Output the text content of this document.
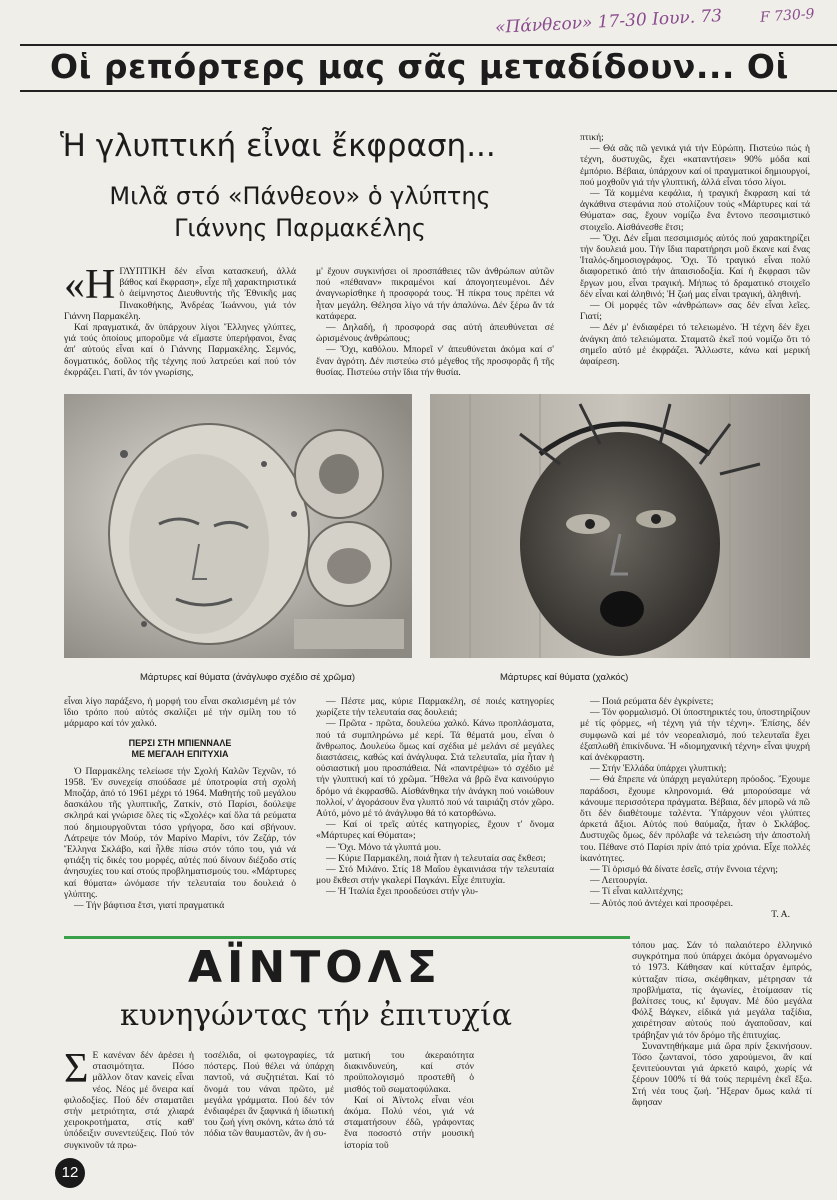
«Πάνθεον» 17-30 Ιουν. 73	F 730-9
Οἱ ρεπόρτερς μας σᾶς μεταδίδουν... Οἱ
Ἡ γλυπτική εἶναι ἔκφραση...
Μιλᾶ στό «Πάνθεον» ὁ γλύπτης
Γιάννης Παρμακέλης
«Η ΓΛΥΠΤΙΚΗ δέν εἶναι κατασκευή, ἀλλά βάθος καί ἔκφραση», εἶχε πῆ χαρακτηριστικά ὁ ἀείμνηστος Διευθυντής τῆς Ἐθνικῆς μας Πινακοθήκης, Ἀνδρέας Ἰωάννου, γιά τόν Γιάννη Παρμακέλη.

Καί πραγματικά, ἄν ὑπάρχουν λίγοι Ἕλληνες γλύπτες, γιά τούς ὁποίους μποροῦμε νά εἴμαστε ὑπερήφανοι, ἕνας ἀπ' αὐτούς εἶναι καί ὁ Γιάννης Παρμακέλης. Σεμνός, δογματικός, δοῦλος τῆς τέχνης πού λατρεύει καί πού τόν ἐκφράζει. Γιατί, ἄν τόν γνωρίσης,

μ' ἔχουν συγκινήσει οἱ προσπάθειες τῶν ἀνθρώπων αὐτῶν πού «πέθαναν» πικραμένοι καί ἀπογοητευμένοι. Δέν ἀναγνωρίσθηκε ἡ προσφορά τους. Ἡ πίκρα τους πρέπει νά ἦταν μεγάλη. Θέλησα λίγο νά τήν ἀπαλύνω. Δέν ξέρω ἄν τά κατάφερα.

— Δηλαδή, ἡ προσφορά σας αὐτή ἀπευθύνεται σέ ὡρισμένους ἀνθρώπους;

— Ὄχι, καθόλου. Μπορεῖ ν' ἀπευθύνεται ἀκόμα καί σ' ἕναν ἀγρότη. Δέν πιστεύω στό μέγεθος τῆς προσφορᾶς ἢ τῆς θυσίας. Πιστεύω στήν ἴδια τήν θυσία.

πτική;

— Θά σᾶς πῶ γενικά γιά τήν Εὐρώπη. Πιστεύω πώς ἡ τέχνη, δυστυχῶς, ἔχει «καταντήσει» 90% μόδα καί ἐμπόριο. Βέβαια, ὑπάρχουν καί οἱ πραγματικοί δημιουργοί, πού μοχθοῦν γιά τήν γλυπτική, ἀλλά εἶναι τόσο λίγοι.

— Τά κομμένα κεφάλια, ἡ τραγική ἔκφραση καί τά ἀγκάθινα στεφάνια πού στολίζουν τούς «Μάρτυρες καί τά Θύματα» σας, ἔχουν νομίζω ἕνα ἔντονο πεσσιμιστικό στοιχεῖο. Αἰσθάνεσθε ἔτσι;

— Ὄχι. Δέν εἶμαι πεσσιμισμός αὐτός πού χαρακτηρίζει τήν δουλειά μου. Τήν ἴδια παρατήρησι μοῦ ἔκανε καί ἕνας Ἰταλός-δημοσιογράφος. Ὄχι. Τό τραγικό εἶναι πολύ διαφορετικό ἀπό τήν ἀπαισιοδοξία. Καί ἡ ἔκφρασι τῶν ἔργων μου, εἶναι τραγική. Μήπως τό δραματικό στοιχεῖο δέν εἶναι καί ἀληθινό; Ἡ ζωή μας εἶναι τραγική, ἀληθινή.

— Οἱ μορφές τῶν «ἀνθρώπων» σας δέν εἶναι λεῖες. Γιατί;

— Δέν μ' ἐνδιαφέρει τό τελειωμένο. Ἡ τέχνη δέν ἔχει ἀνάγκη ἀπό τελειώματα. Σταματῶ ἐκεῖ πού νομίζω ὅτι τό σημεῖο αὐτό μέ ἐκφράζει. Ἄλλωστε, κάνω καί μερική ἀφαίρεση.

Μάρτυρες καί θύματα (ἀνάγλυφο σχέδιο σέ χρῶμα)	Μάρτυρες καί θύματα (χαλκός)

εἶναι λίγο παράξενο, ἡ μορφή του εἶναι σκαλισμένη μέ τόν ἴδιο τρόπο πού αὐτός σκαλίζει μέ τήν σμίλη του τό μάρμαρο καί τόν χαλκό.

ΠΕΡΣΙ ΣΤΗ ΜΠΙΕΝΝΑΛΕ
ΜΕ ΜΕΓΑΛΗ ΕΠΙΤΥΧΙΑ

Ὁ Παρμακέλης τελείωσε τήν Σχολή Καλῶν Τεχνῶν, τό 1958. Ἐν συνεχείᾳ σπούδασε μέ ὑποτροφία στή σχολή Μποζάρ, ἀπό τό 1961 μέχρι τό 1964. Μαθητής τοῦ μεγάλου δασκάλου τῆς γλυπτικῆς, Ζατκίν, στό Παρίσι, δούλεψε σκληρά καί γνώρισε ὅλες τίς «Σχολές» καί ὅλα τά ρεύματα πού δημιουργοῦνται τόσο γρήγορα, ὅσο καί σβήνουν. Λάτρεψε τόν Μούρ, τόν Μαρίνο Μαρίνι, τόν Ζεζάρ, τόν Ἕλληνα Σκλάβο, καί ἦλθε πίσω στόν τόπο του, γιά νά φτιάξη τίς δικές του μορφές, αὐτές πού δίνουν διέξοδο στίς ἀνησυχίες του καί στούς προβληματισμούς του. «Μάρτυρες καί θύματα» ὠνόμασε τήν τελευταία του δουλειά ὁ γλύπτης.

— Τήν βάφτισα ἔτσι, γιατί πραγματικά

— Πέστε μας, κύριε Παρμακέλη, σέ ποιές κατηγορίες χωρίζετε τήν τελευταία σας δουλειά;

— Πρῶτα - πρῶτα, δουλεύω χαλκό. Κάνω προπλάσματα, πού τά συμπληρώνω μέ κερί. Τά θέματά μου, εἶναι ὁ ἄνθρωπος. Δουλεύω ὅμως καί σχέδια μέ μελάνι σέ μεγάλες διαστάσεις, καθώς καί ἀνάγλυφα. Στά τελευταῖα, μία ἦταν ἡ οὐσιαστική μου προσπάθεια. Νά «παντρέψω» τό σχέδιο μέ τήν γλυπτική καί τό χρῶμα. Ἤθελα νά βρῶ ἕνα καινούργιο δρόμο νά ἐκφρασθῶ. Αἰσθάνθηκα τήν ἀνάγκη πού νοιώθουν πολλοί, ν' ἀγοράσουν ἕνα γλυπτό πού νά ταιριάζη στόν χῶρο. Αὐτό, μόνο μέ τό ἀνάγλυφο θά τό κατορθώνω.

— Καί οἱ τρεῖς αὐτές κατηγορίες, ἔχουν τ' ὄνομα «Μάρτυρες καί Θύματα»;

— Ὄχι. Μόνο τά γλυπτά μου.

— Κύριε Παρμακέλη, ποιά ἦταν ἡ τελευταία σας ἔκθεσι;

— Στό Μιλάνο. Στίς 18 Μαΐου ἐγκαινιάσα τήν τελευταία μου ἔκθεσι στήν γκαλερί Παγκάνι. Εἶχε ἐπιτυχία.

— Ἡ Ἰταλία ἔχει προοδεύσει στήν γλυ-

— Ποιά ρεύματα δέν ἐγκρίνετε;

— Τόν φορμαλισμό. Οἱ ὑποστηρικτές του, ὑποστηρίζουν μέ τίς φόρμες, «ἡ τέχνη γιά τήν τέχνη». Ἐπίσης, δέν συμφωνῶ καί μέ τόν νεορεαλισμό, πού τελευταῖα ἔχει ἐξαπλωθῆ ἐπικίνδυνα. Ἡ «διομηχανική τέχνη» εἶναι ψυχρή καί ἀνέκφραστη.

— Στήν Ἑλλάδα ὑπάρχει γλυπτική;

— Θά ἔπρεπε νά ὑπάρχη μεγαλύτερη πρόοδος. Ἔχουμε παράδοσι, ἔχουμε κληρονομιά. Θά μπορούσαμε νά κάνουμε περισσότερα πράγματα. Βέβαια, δέν μπορῶ νά πῶ ὅτι δέν διαθέτουμε ταλέντα. Ὑπάρχουν νέοι γλύπτες ἀρκετά ἄξιοι. Αὐτός πού θαύμαζα, ἦταν ὁ Σκλάβος. Δυστυχῶς ὅμως, δέν πρόλαβε νά τελειώση τήν ἀποστολή του. Πέθανε στό Παρίσι πρίν ἀπό τρία χρόνια. Εἶχε πολλές ἱκανότητες.

— Τί ὁρισμό θά δίνατε ἐσεῖς, στήν ἔννοια τέχνη;

— Λειτουργία.

— Τί εἶναι καλλιτέχνης;

— Αὐτός πού ἀντέχει καί προσφέρει.

Τ. Α.

ΑΪΝΤΟΛΣ
κυνηγώντας τήν ἐπιτυχία
Σ Ε κανέναν δέν ἀρέσει ἡ στασιμότητα. Πόσο μᾶλλον ὅταν κανείς εἶναι νέος. Νέος μέ ὄνειρα καί φιλοδοξίες. Πού δέν σταματᾶει στήν μετριότητα, στά χλιαρά χειροκροτήματα, στίς καθ' ὑπόδειξιν συνεντεύξεις. Πού τόν συγκινοῦν τά πρω-

τοσέλιδα, οἱ φωτογραφίες, τά πόστερς. Πού θέλει νά ὑπάρχη παντοῦ, νά συζητιέται. Καί τό ὄνομά του νάναι πρῶτο, μέ μεγάλα γράμματα. Πού δέν τόν ἐνδιαφέρει ἂν ξαφνικά ἡ ἰδιωτική του ζωή γίνη σκόνη, κάτω ἀπό τά πόδια τῶν θαυμαστῶν, ἂν ἡ συ-

ματική του ἀκεραιότητα διακινδυνεύη, καί στόν προϋπολογισμό προστεθῆ ὁ μισθός τοῦ σωματοφύλακα.

Καί οἱ Ἀϊντολς εἶναι νέοι ἀκόμα. Πολύ νέοι, γιά νά σταματήσουν ἐδῶ, γράφοντας ἕνα ποσοστό στήν μουσική ἱστορία τοῦ

τόπου μας. Σάν τό παλαιότερο ἑλληνικό συγκρότημα πού ὑπάρχει ἀκόμα ὀργανωμένο τό 1973. Κάθησαν καί κύτταξαν ἐμπρός, κύτταξαν πίσω, σκέφθηκαν, μέτρησαν τά προβλήματα, τίς ἀγωνίες, ἑτοίμασαν τίς βαλίτσες τους, κι' ἔφυγαν. Μέ δύο μεγάλα Φόλξ Βάγκεν, εἰδικά γιά μεγάλα ταξίδια, χαιρέτησαν αὐτούς πού ἀγαποῦσαν, καί τράβηξαν γιά τόν δρόμο τῆς ἐπιτυχίας.

Συναντηθήκαμε μιά ὥρα πρίν ξεκινήσουν. Τόσο ζωντανοί, τόσο χαρούμενοι, ἂν καί ξενιτεύουνται γιά ἀρκετό καιρό, χωρίς νά ξέρουν 100% τί θά τούς περιμένη ἐκεῖ ἔξω. Στή νέα τους ζωή. Ἤξεραν ὅμως καλά τί ἄφησαν

12
